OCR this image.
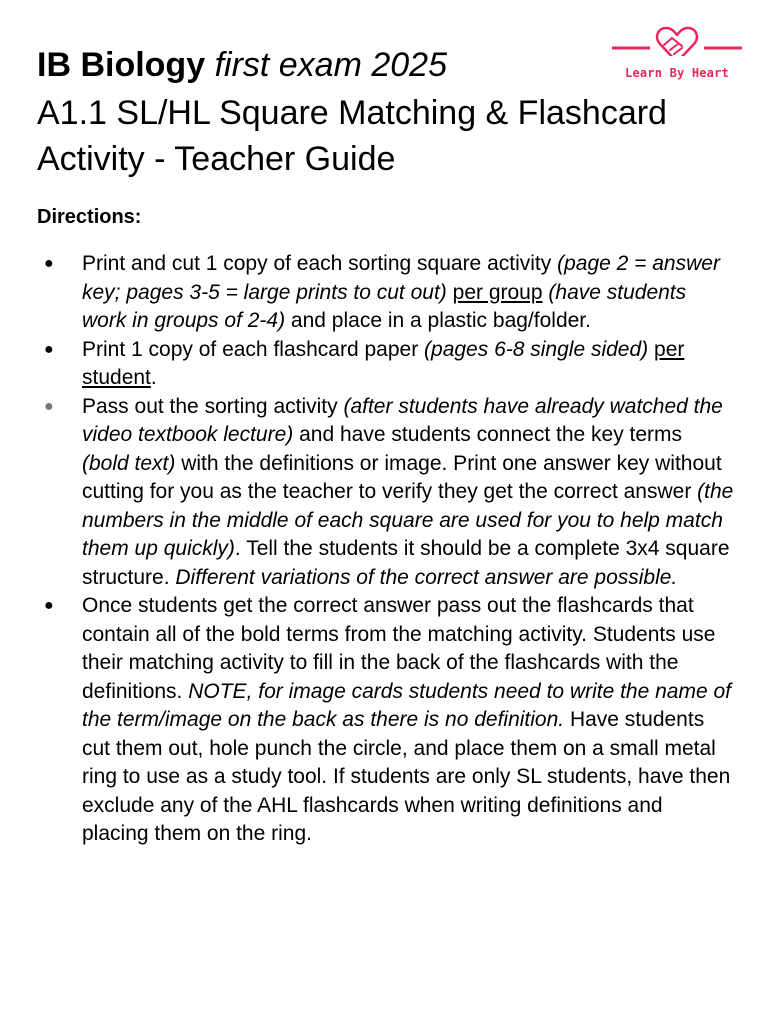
Learn By Heart
IB Biology first exam 2025
A1.1 SL/HL Square Matching & Flashcard Activity - Teacher Guide
Directions:
●	Print and cut 1 copy of each sorting square activity (page 2 = answer key; pages 3-5 = large prints to cut out) per group (have students work in groups of 2-4) and place in a plastic bag/folder.
●	Print 1 copy of each flashcard paper (pages 6-8 single sided) per student.
●	Pass out the sorting activity (after students have already watched the video textbook lecture) and have students connect the key terms (bold text) with the definitions or image. Print one answer key without cutting for you as the teacher to verify they get the correct answer (the numbers in the middle of each square are used for you to help match them up quickly). Tell the students it should be a complete 3x4 square structure. Different variations of the correct answer are possible.
●	Once students get the correct answer pass out the flashcards that contain all of the bold terms from the matching activity. Students use their matching activity to fill in the back of the flashcards with the definitions. NOTE, for image cards students need to write the name of the term/image on the back as there is no definition. Have students cut them out, hole punch the circle, and place them on a small metal ring to use as a study tool. If students are only SL students, have then exclude any of the AHL flashcards when writing definitions and placing them on the ring.
